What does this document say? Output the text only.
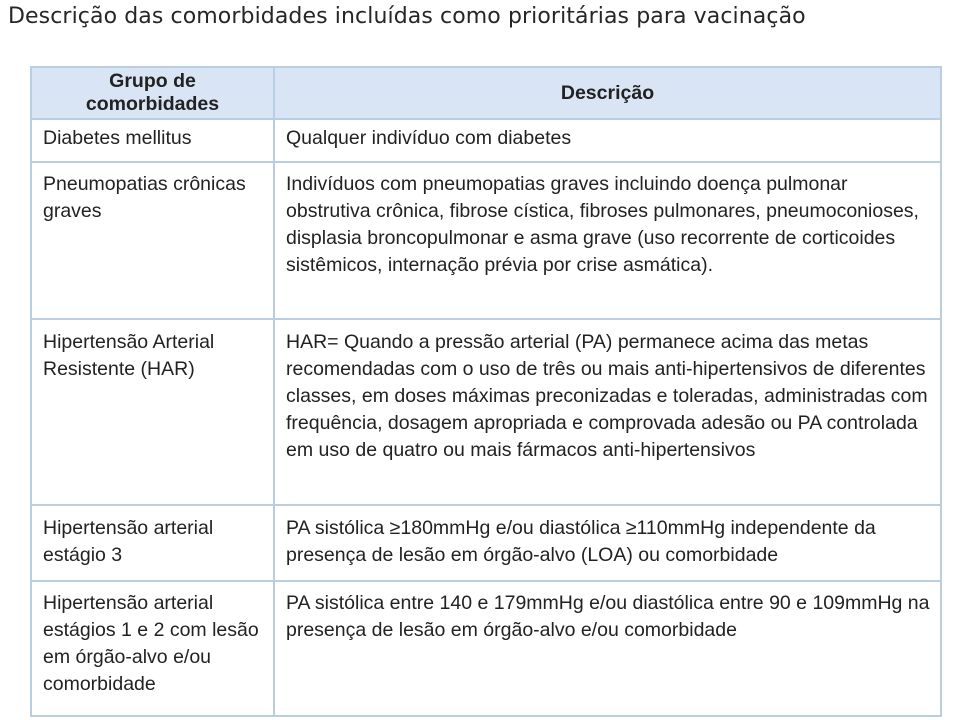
Descrição das comorbidades incluídas como prioritárias para vacinação
Grupo de comorbidades	Descrição
Diabetes mellitus	Qualquer indivíduo com diabetes
Pneumopatias crônicas graves	Indivíduos com pneumopatias graves incluindo doença pulmonar obstrutiva crônica, fibrose cística, fibroses pulmonares, pneumoconioses, displasia broncopulmonar e asma grave (uso recorrente de corticoides sistêmicos, internação prévia por crise asmática).
Hipertensão Arterial Resistente (HAR)	HAR= Quando a pressão arterial (PA) permanece acima das metas recomendadas com o uso de três ou mais anti-hipertensivos de diferentes classes, em doses máximas preconizadas e toleradas, administradas com frequência, dosagem apropriada e comprovada adesão ou PA controlada em uso de quatro ou mais fármacos anti-hipertensivos
Hipertensão arterial estágio 3	PA sistólica ≥180mmHg e/ou diastólica ≥110mmHg independente da presença de lesão em órgão-alvo (LOA) ou comorbidade
Hipertensão arterial estágios 1 e 2 com lesão em órgão-alvo e/ou comorbidade	PA sistólica entre 140 e 179mmHg e/ou diastólica entre 90 e 109mmHg na presença de lesão em órgão-alvo e/ou comorbidade
